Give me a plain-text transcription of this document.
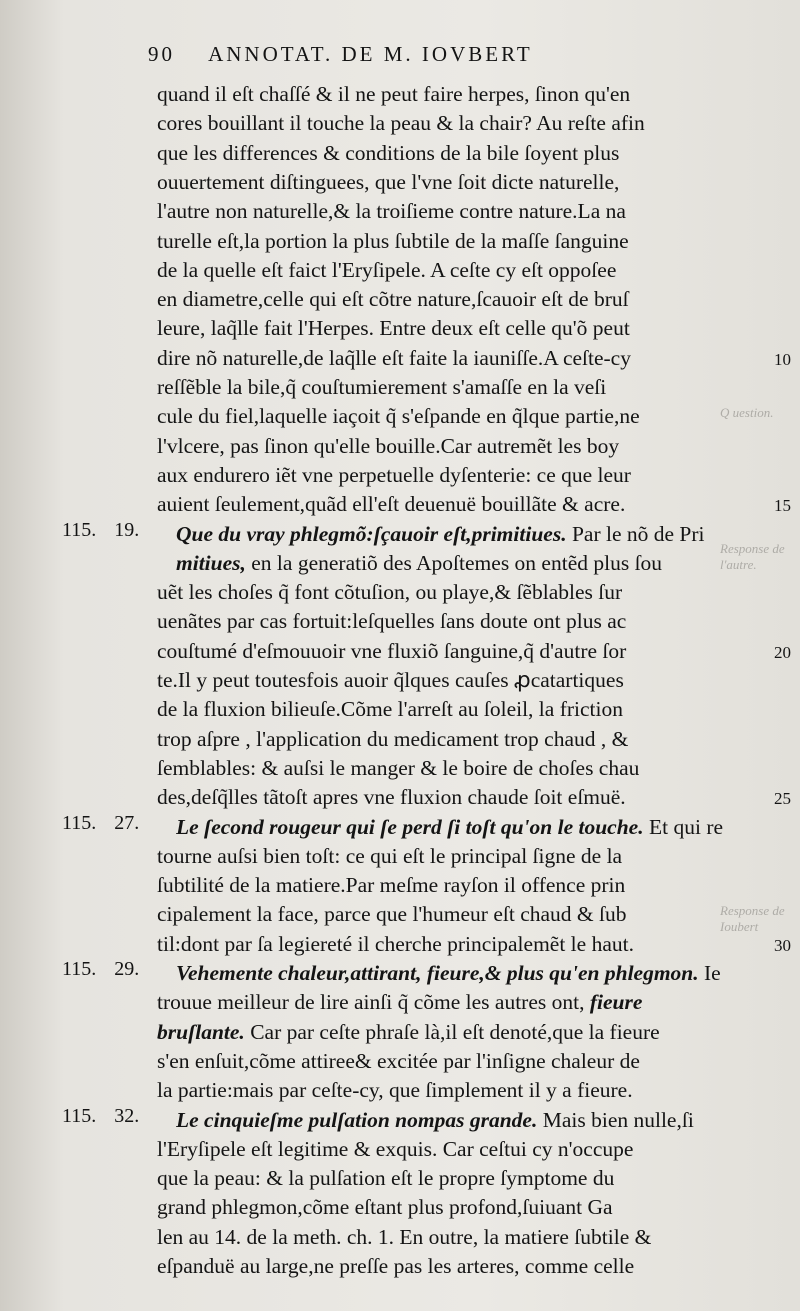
Q uestion.
Response de l'autre.
Response de Ioubert
90 ANNOTAT. DE M. IOVBERT
quand il eſt chaſſé & il ne peut faire herpes, ſinon qu'en
cores bouillant il touche la peau & la chair? Au reſte afin
que les differences & conditions de la bile ſoyent plus
ouuertement diſtinguees, que l'vne ſoit dicte naturelle,
l'autre non naturelle,& la troiſieme contre nature.La na
turelle eſt,la portion la plus ſubtile de la maſſe ſanguine
de la quelle eſt faict l'Eryſipele. A ceſte cy eſt oppoſee
en diametre,celle qui eſt cõtre nature,ſcauoir eſt de bruſ
leure, laq̃lle fait l'Herpes. Entre deux eſt celle qu'õ peut
dire nõ naturelle,de laq̃lle eſt faite la iauniſſe.A ceſte-cy
reſſẽble la bile,q̃ couſtumierement s'amaſſe en la veſi
cule du fiel,laquelle iaçoit q̃ s'eſpande en q̃lque partie,ne
l'vlcere, pas ſinon qu'elle bouille.Car autremẽt les boy
aux endurero iẽt vne perpetuelle dyſenterie: ce que leur
auient ſeulement,quãd ell'eſt deuenuë bouillãte & acre.
Que du vray phlegmõ:ſçauoir eſt,primitiues. Par le nõ de Pri
mitiues, en la generatiõ des Apoſtemes on entẽd plus ſou
uẽt les choſes q̃ font cõtuſion, ou playe,& ſẽblables ſur
uenãtes par cas fortuit:leſquelles ſans doute ont plus ac
couſtumé d'eſmouuoir vne fluxiõ ſanguine,q̃ d'autre ſor
te.Il y peut toutesfois auoir q̃lques cauſes ꝓcatartiques
de la fluxion bilieuſe.Cõme l'arreſt au ſoleil, la friction
trop aſpre , l'application du medicament trop chaud , &
ſemblables: & auſsi le manger & le boire de choſes chau
des,deſq̃lles tãtoſt apres vne fluxion chaude ſoit eſmuë.
Le ſecond rougeur qui ſe perd ſi toſt qu'on le touche. Et qui re
tourne auſsi bien toſt: ce qui eſt le principal ſigne de la
ſubtilité de la matiere.Par meſme rayſon il offence prin
cipalement la face, parce que l'humeur eſt chaud & ſub
til:dont par ſa legiereté il cherche principalemẽt le haut.
Vehemente chaleur,attirant, fieure,& plus qu'en phlegmon. Ie
trouue meilleur de lire ainſi q̃ cõme les autres ont, fieure
bruſlante. Car par ceſte phraſe là,il eſt denoté,que la fieure
s'en enſuit,cõme attiree& excitée par l'inſigne chaleur de
la partie:mais par ceſte-cy, que ſimplement il y a fieure.
Le cinquieſme pulſation nompas grande. Mais bien nulle,ſi
l'Eryſipele eſt legitime & exquis. Car ceſtui cy n'occupe
que la peau: & la pulſation eſt le propre ſymptome du
grand phlegmon,cõme eſtant plus profond,ſuiuant Ga
len au 14. de la meth. ch. 1. En outre, la matiere ſubtile &
eſpanduë au large,ne preſſe pas les arteres, comme celle
115. 19.
115. 27.
115. 29.
115. 32.
10
15
20
25
30
